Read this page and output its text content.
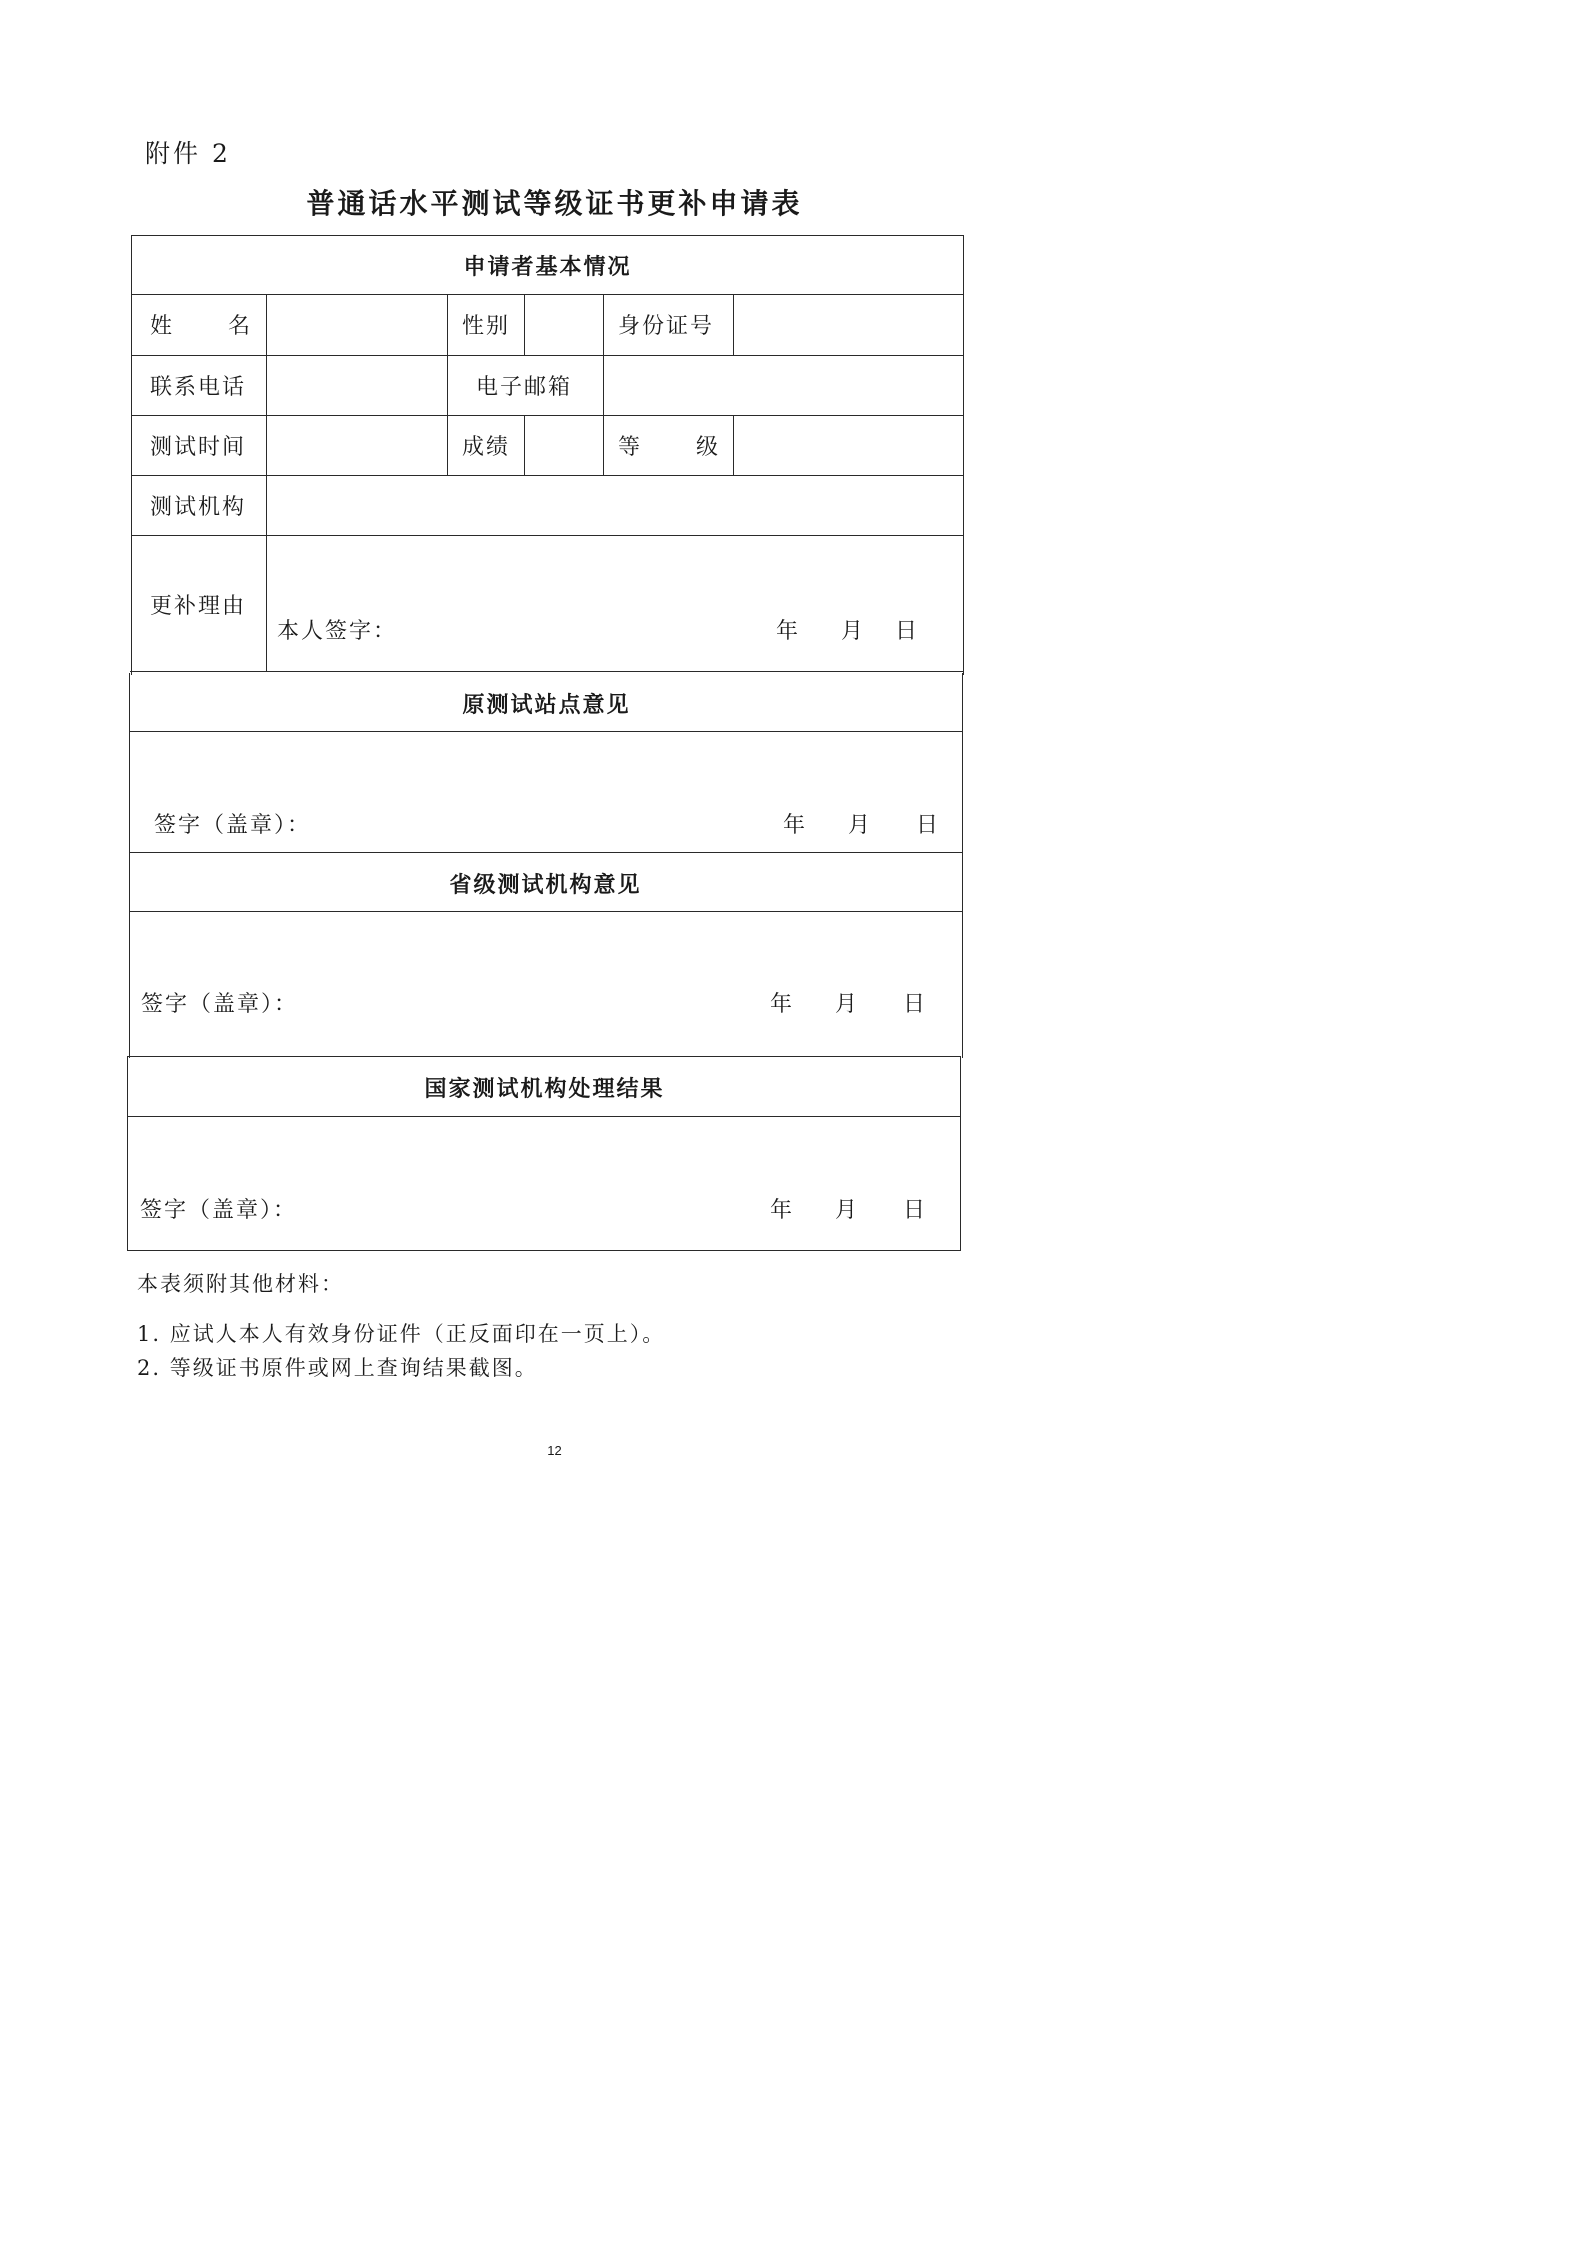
附件 2
普通话水平测试等级证书更补申请表
申请者基本情况
姓 名	性别	身份证号
联系电话	电子邮箱
测试时间	成绩	等 级
测试机构
更补理由
本人签字：	年 月 日
原测试站点意见
签字（盖章）：	年 月 日
省级测试机构意见
签字（盖章）：	年 月 日
国家测试机构处理结果
签字（盖章）：	年 月 日
本表须附其他材料：
1. 应试人本人有效身份证件（正反面印在一页上）。
2. 等级证书原件或网上查询结果截图。
12
